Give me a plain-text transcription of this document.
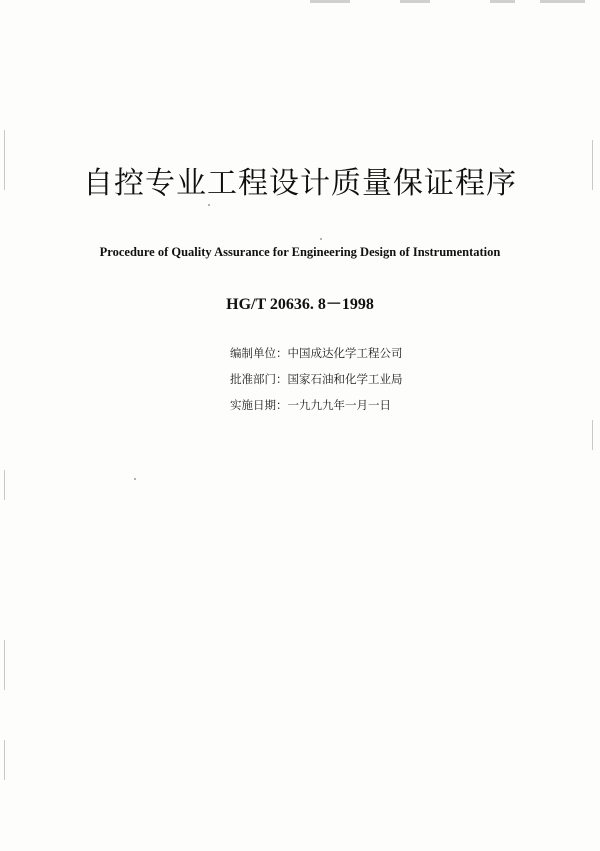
自控专业工程设计质量保证程序
Procedure of Quality Assurance for Engineering Design of Instrumentation
HG/T 20636. 8－1998
编制单位：中国成达化学工程公司
批准部门：国家石油和化学工业局
实施日期：一九九九年一月一日
